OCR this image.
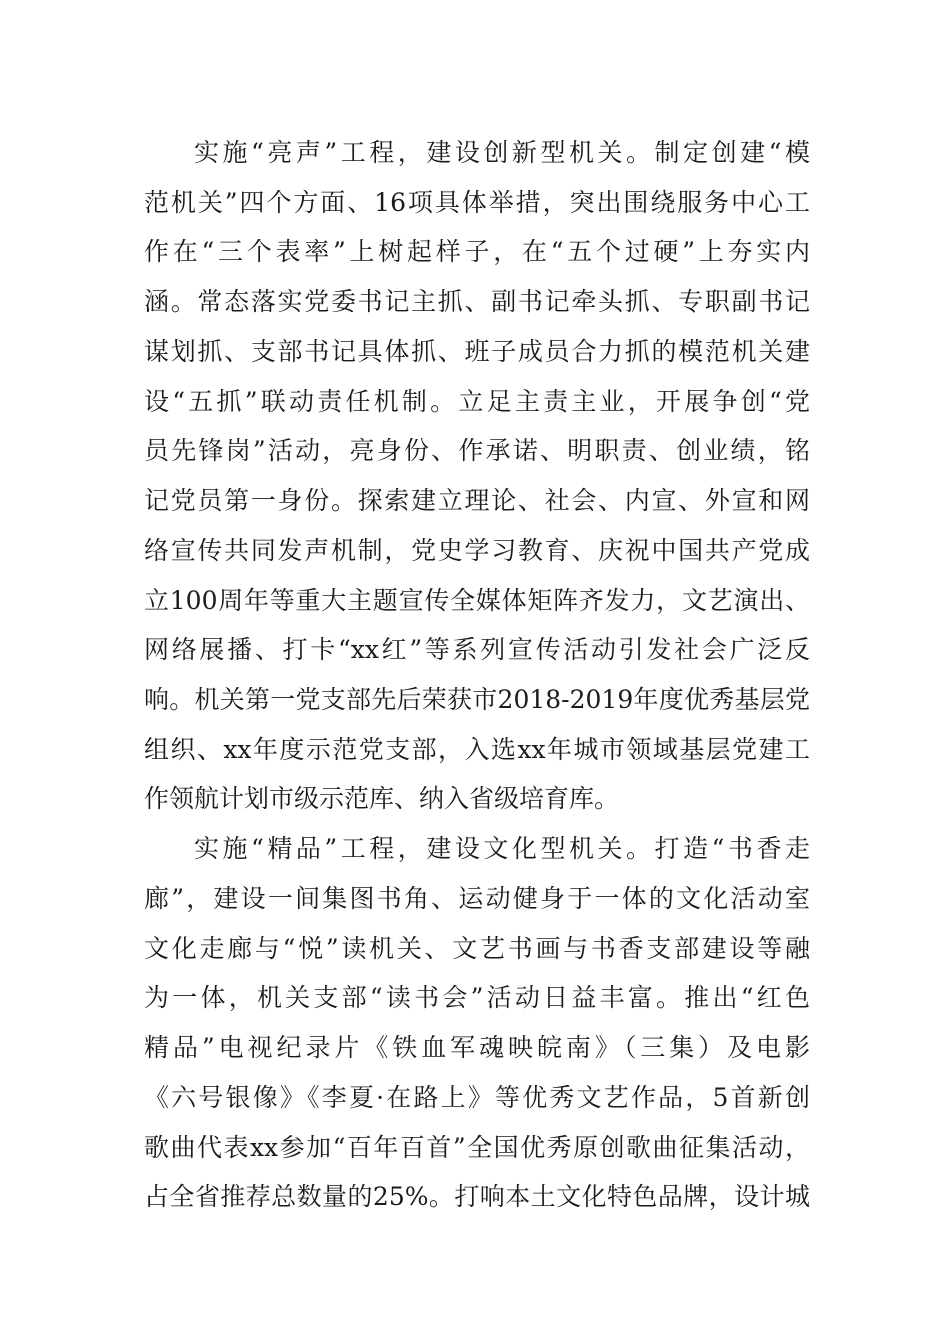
实施“亮声”工程，建设创新型机关。制定创建“模
范机关”四个方面、16项具体举措，突出围绕服务中心工
作在“三个表率”上树起样子，在“五个过硬”上夯实内
涵。常态落实党委书记主抓、副书记牵头抓、专职副书记
谋划抓、支部书记具体抓、班子成员合力抓的模范机关建
设“五抓”联动责任机制。立足主责主业，开展争创“党
员先锋岗”活动，亮身份、作承诺、明职责、创业绩，铭
记党员第一身份。探索建立理论、社会、内宣、外宣和网
络宣传共同发声机制，党史学习教育、庆祝中国共产党成
立100周年等重大主题宣传全媒体矩阵齐发力，文艺演出、
网络展播、打卡“xx红”等系列宣传活动引发社会广泛反
响。机关第一党支部先后荣获市2018-2019年度优秀基层党
组织、xx年度示范党支部，入选xx年城市领域基层党建工
作领航计划市级示范库、纳入省级培育库。
实施“精品”工程，建设文化型机关。打造“书香走
廊”，建设一间集图书角、运动健身于一体的文化活动室
文化走廊与“悦”读机关、文艺书画与书香支部建设等融
为一体，机关支部“读书会”活动日益丰富。推出“红色
精品”电视纪录片《铁血军魂映皖南》（三集）及电影
《六号银像》《李夏·在路上》等优秀文艺作品，5首新创
歌曲代表xx参加“百年百首”全国优秀原创歌曲征集活动，
占全省推荐总数量的25%。打响本土文化特色品牌，设计城
